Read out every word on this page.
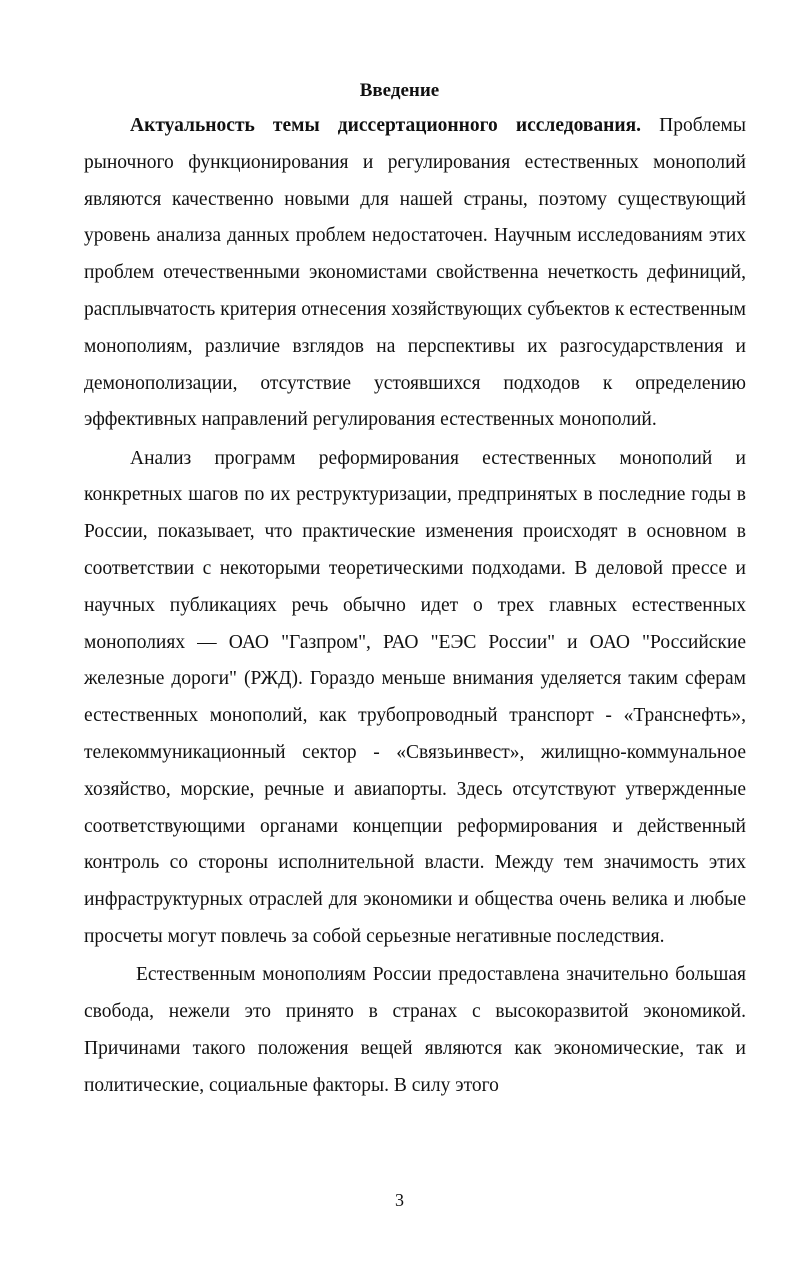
Введение

Актуальность темы диссертационного исследования. Проблемы рыночного функционирования и регулирования естественных монополий являются качественно новыми для нашей страны, поэтому существующий уровень анализа данных проблем недостаточен. Научным исследованиям этих проблем отечественными экономистами свойственна нечеткость дефиниций, расплывчатость критерия отнесения хозяйствующих субъектов к естественным монополиям, различие взглядов на перспективы их разгосударствления и демонополизации, отсутствие устоявшихся подходов к определению эффективных направлений регулирования естественных монополий.

Анализ программ реформирования естественных монополий и конкретных шагов по их реструктуризации, предпринятых в последние годы в России, показывает, что практические изменения происходят в основном в соответствии с некоторыми теоретическими подходами. В деловой прессе и научных публикациях речь обычно идет о трех главных естественных монополиях — ОАО "Газпром", РАО "ЕЭС России" и ОАО "Российские железные дороги" (РЖД). Гораздо меньше внимания уделяется таким сферам естественных монополий, как трубопроводный транспорт - «Транснефть», телекоммуникационный сектор - «Связьинвест», жилищно-коммунальное хозяйство, морские, речные и авиапорты. Здесь отсутствуют утвержденные соответствующими органами концепции реформирования и действенный контроль со стороны исполнительной власти. Между тем значимость этих инфраструктурных отраслей для экономики и общества очень велика и любые просчеты могут повлечь за собой серьезные негативные последствия.

Естественным монополиям России предоставлена значительно большая свобода, нежели это принято в странах с высокоразвитой экономикой. Причинами такого положения вещей являются как экономические, так и политические, социальные факторы. В силу этого

3
